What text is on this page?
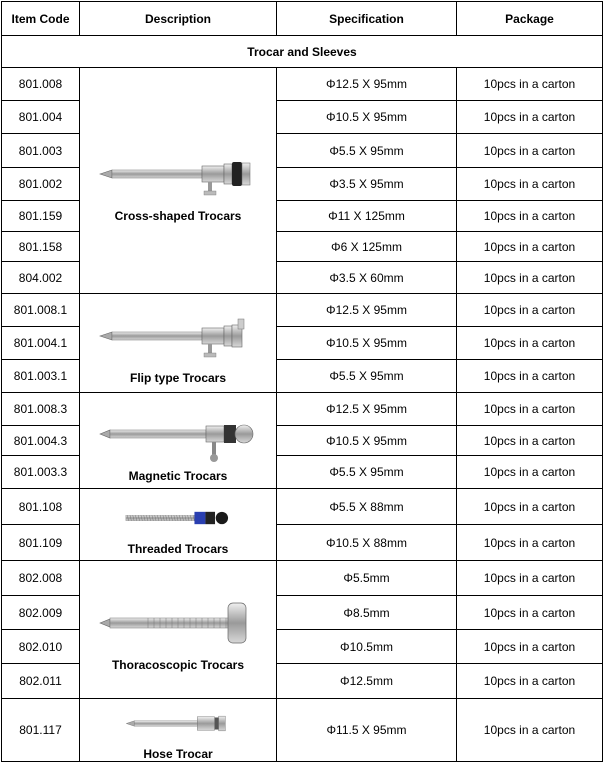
Item Code	Description	Specification	Package
Trocar and Sleeves			
801.008	Cross-shaped Trocars	Φ12.5 X 95mm	10pcs in a carton
801.004		Φ10.5 X 95mm	10pcs in a carton
801.003		Φ5.5 X 95mm	10pcs in a carton
801.002		Φ3.5 X 95mm	10pcs in a carton
801.159		Φ11 X 125mm	10pcs in a carton
801.158		Φ6 X 125mm	10pcs in a carton
804.002		Φ3.5 X 60mm	10pcs in a carton
801.008.1	Flip type Trocars	Φ12.5 X 95mm	10pcs in a carton
801.004.1		Φ10.5 X 95mm	10pcs in a carton
801.003.1		Φ5.5 X 95mm	10pcs in a carton
801.008.3	Magnetic Trocars	Φ12.5 X 95mm	10pcs in a carton
801.004.3		Φ10.5 X 95mm	10pcs in a carton
801.003.3		Φ5.5 X 95mm	10pcs in a carton
801.108	Threaded Trocars	Φ5.5 X 88mm	10pcs in a carton
801.109		Φ10.5 X 88mm	10pcs in a carton
802.008	Thoracoscopic Trocars	Φ5.5mm	10pcs in a carton
802.009		Φ8.5mm	10pcs in a carton
802.010		Φ10.5mm	10pcs in a carton
802.011		Φ12.5mm	10pcs in a carton
801.117	Hose Trocar	Φ11.5 X 95mm	10pcs in a carton
